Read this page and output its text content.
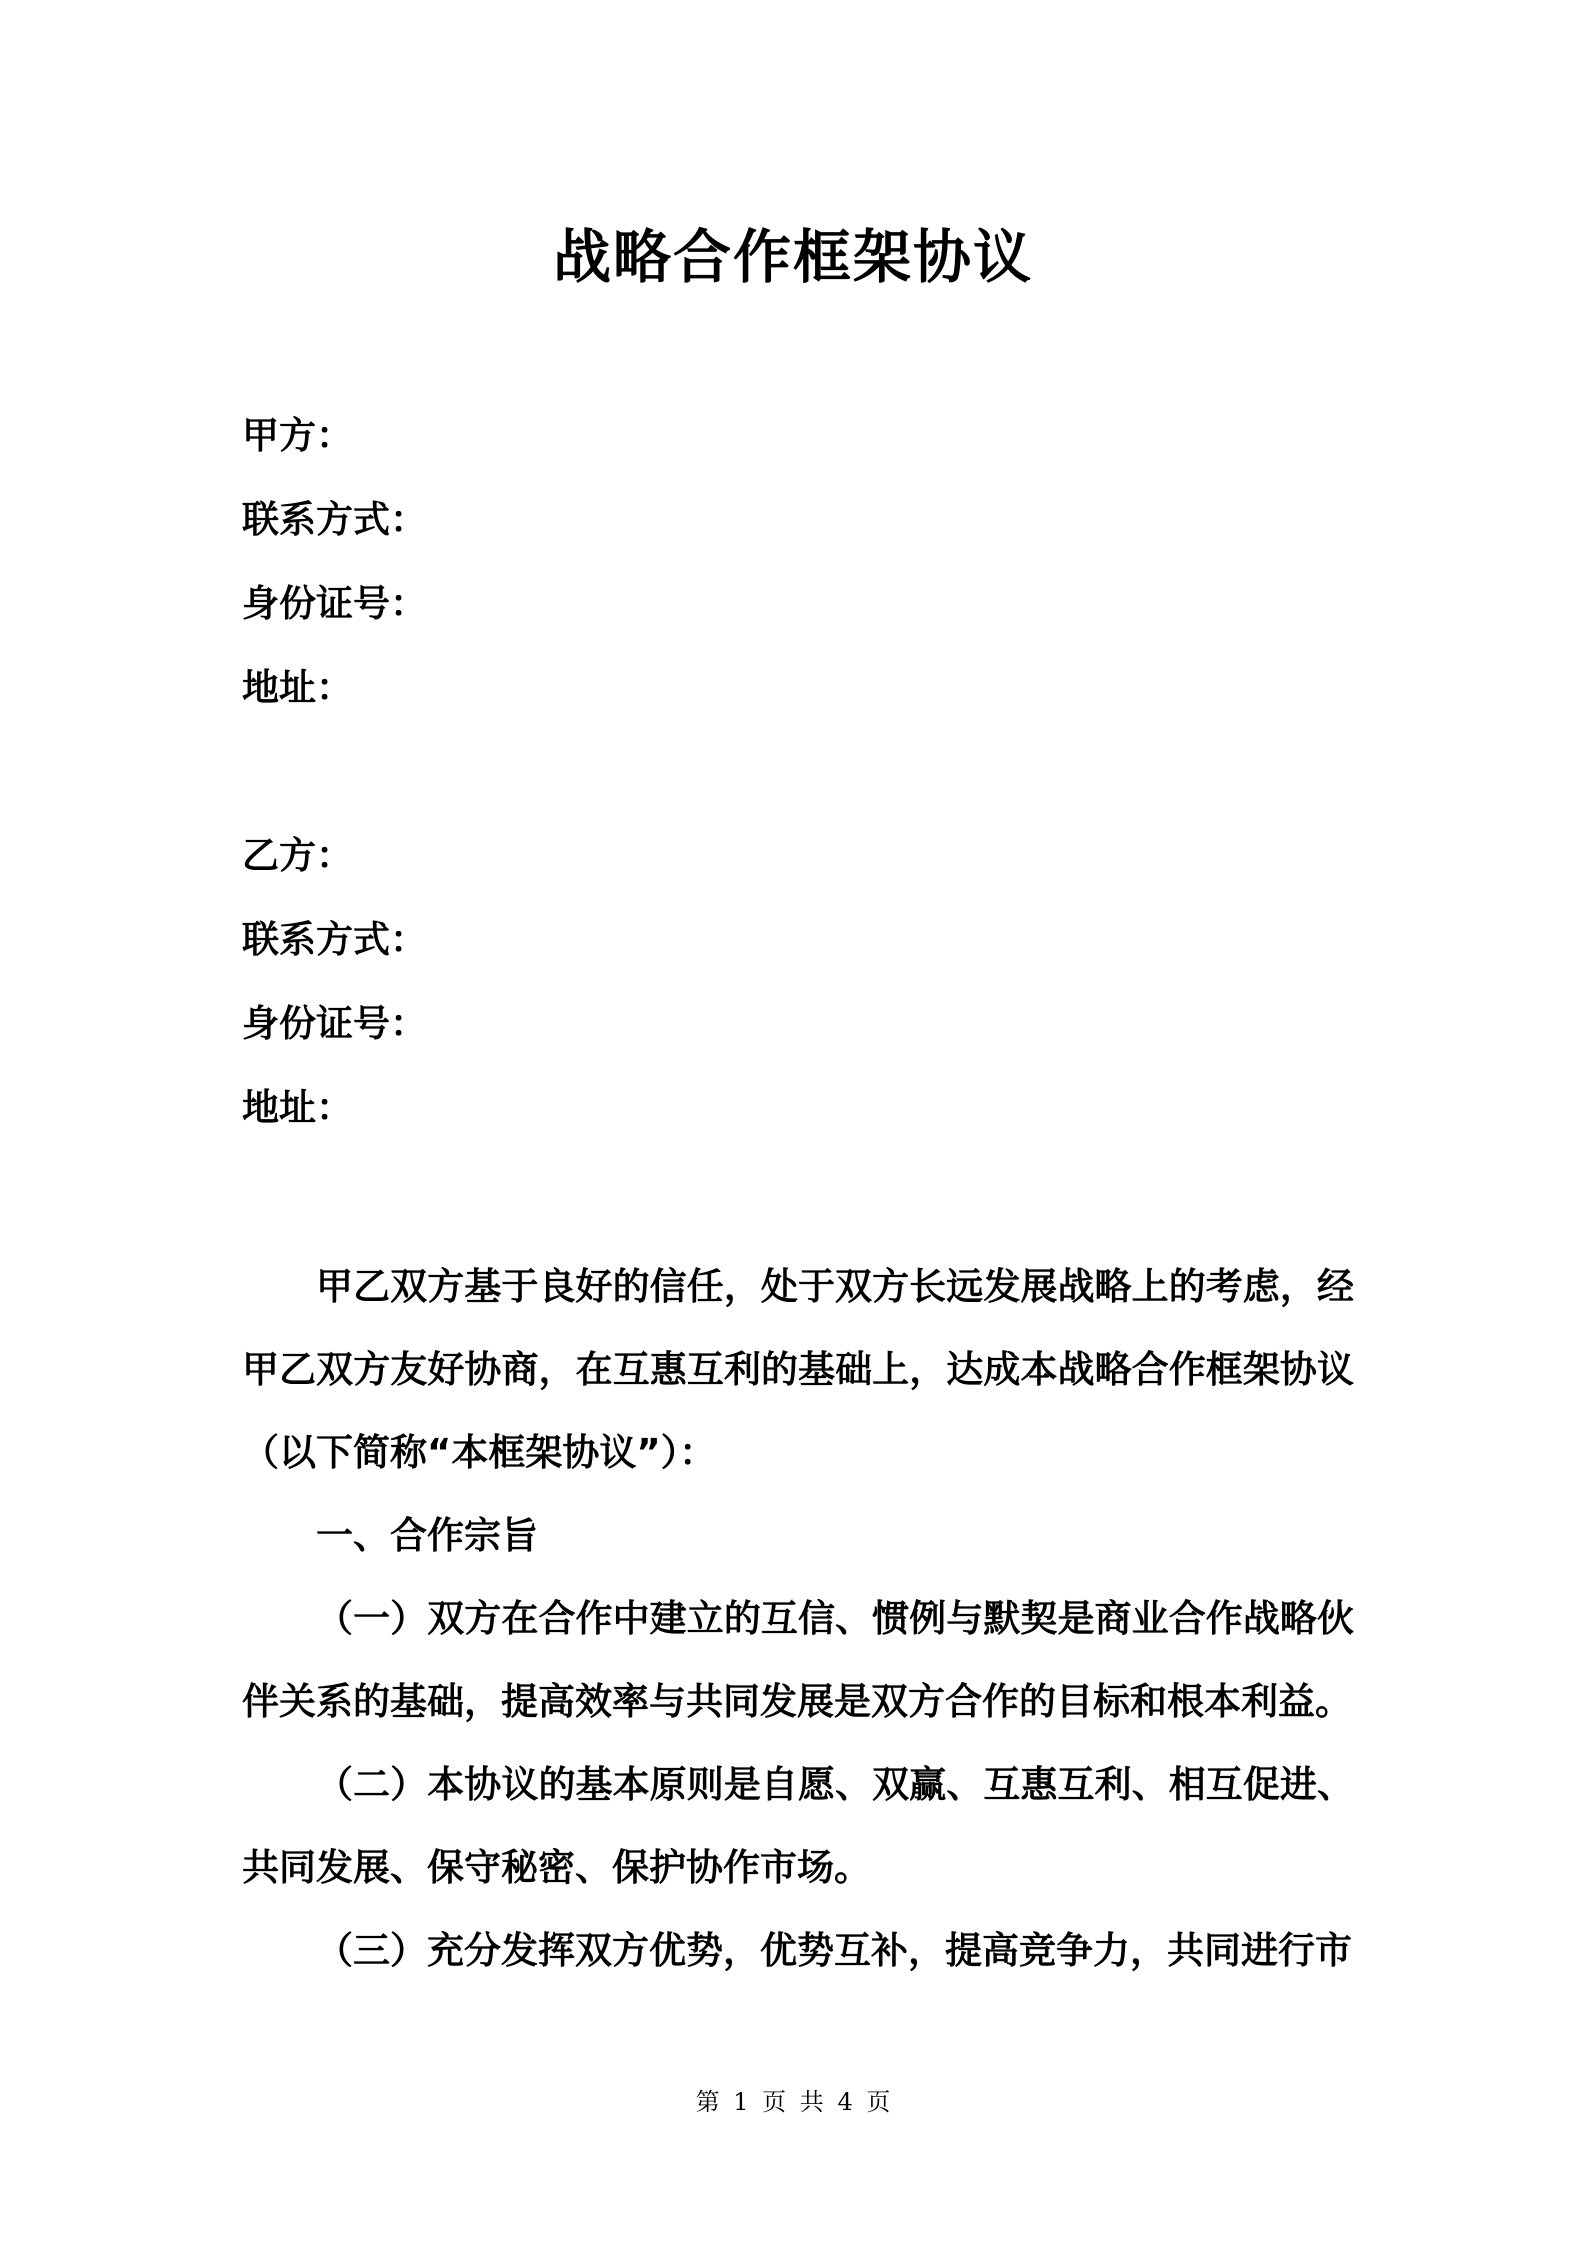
战略合作框架协议
甲方：
联系方式：
身份证号：
地址：
乙方：
联系方式：
身份证号：
地址：

甲乙双方基于良好的信任，处于双方长远发展战略上的考虑，经甲乙双方友好协商，在互惠互利的基础上，达成本战略合作框架协议（以下简称“本框架协议”）：

一、合作宗旨

（一）双方在合作中建立的互信、惯例与默契是商业合作战略伙伴关系的基础，提高效率与共同发展是双方合作的目标和根本利益。

（二）本协议的基本原则是自愿、双赢、互惠互利、相互促进、共同发展、保守秘密、保护协作市场。

（三）充分发挥双方优势，优势互补，提高竞争力，共同进行市

第 1 页 共 4 页
